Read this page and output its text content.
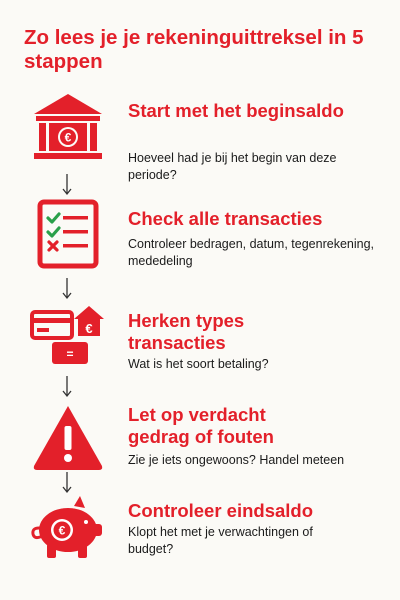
Zo lees je je rekeninguittreksel in 5 stappen
€
Start met het beginsaldo
Hoeveel had je bij het begin van deze periode?
Check alle transacties
Controleer bedragen, datum, tegenrekening, mededeling
€
=
Herken types transacties
Wat is het soort betaling?
Let op verdacht gedrag of fouten
Zie je iets ongewoons? Handel meteen
€
Controleer eindsaldo
Klopt het met je verwachtingen of budget?
